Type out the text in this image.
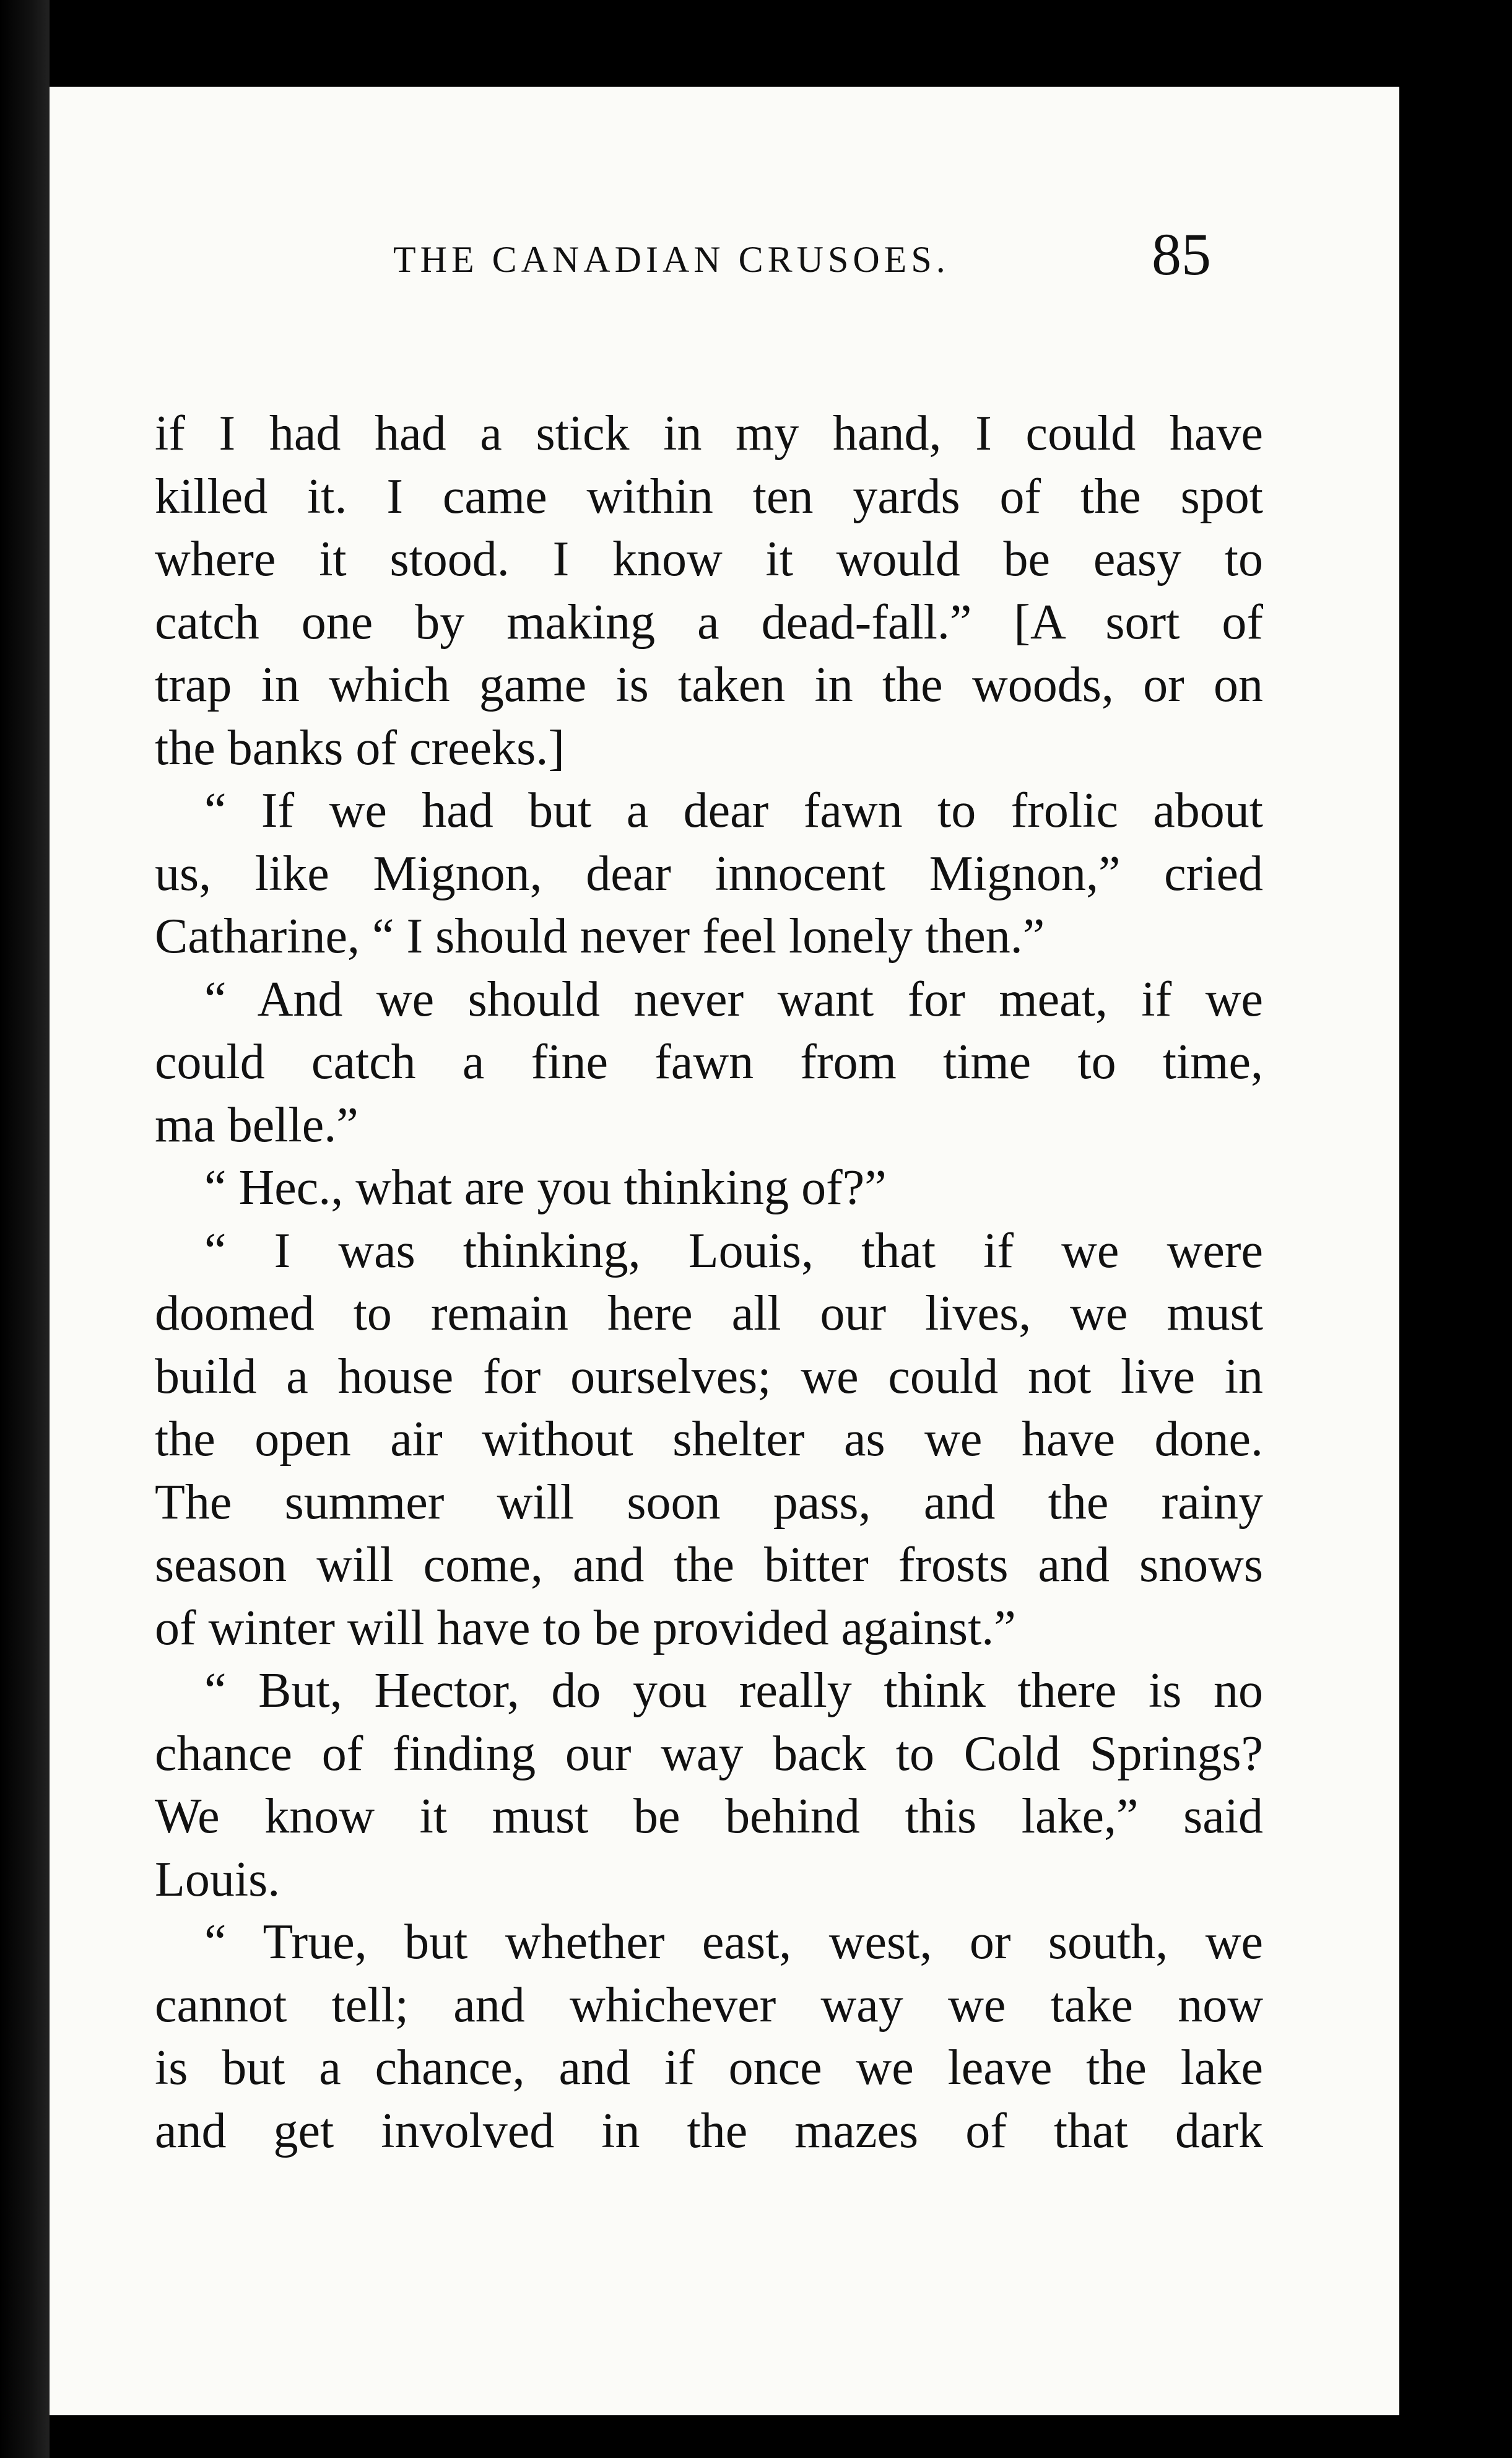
THE CANADIAN CRUSOES.	85
if I had had a stick in my hand, I could have
killed it. I came within ten yards of the spot
where it stood. I know it would be easy to
catch one by making a dead-fall.” [A sort of
trap in which game is taken in the woods, or on
the banks of creeks.]
“ If we had but a dear fawn to frolic about
us, like Mignon, dear innocent Mignon,” cried
Catharine, “ I should never feel lonely then.”
“ And we should never want for meat, if we
could catch a fine fawn from time to time,
ma belle.”
“ Hec., what are you thinking of?”
“ I was thinking, Louis, that if we were
doomed to remain here all our lives, we must
build a house for ourselves; we could not live in
the open air without shelter as we have done.
The summer will soon pass, and the rainy
season will come, and the bitter frosts and snows
of winter will have to be provided against.”
“ But, Hector, do you really think there is no
chance of finding our way back to Cold Springs?
We know it must be behind this lake,” said
Louis.
“ True, but whether east, west, or south, we
cannot tell; and whichever way we take now
is but a chance, and if once we leave the lake
and get involved in the mazes of that dark
